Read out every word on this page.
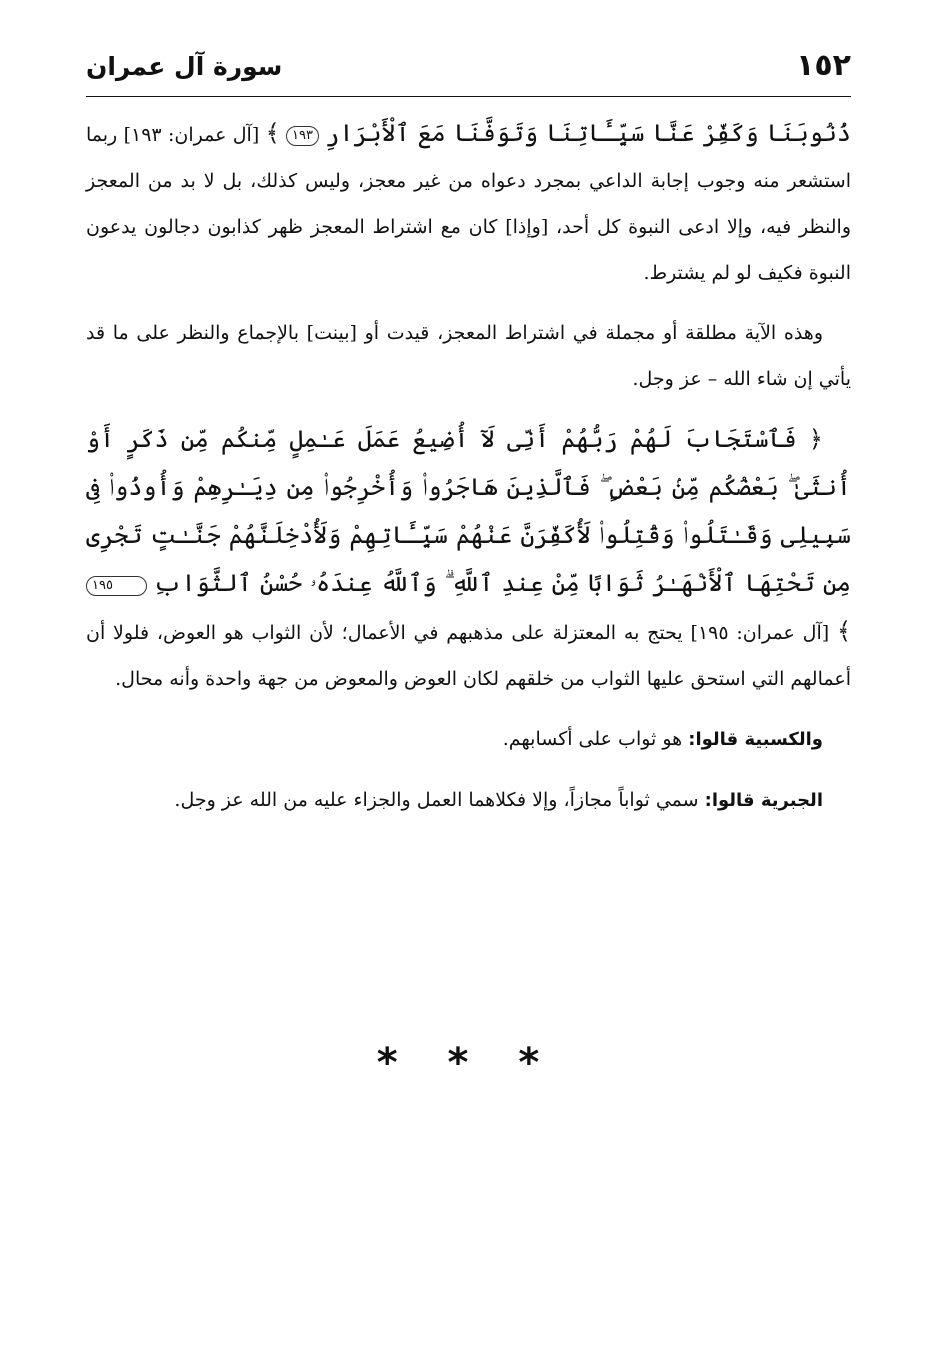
١٥٢
سورة آل عمران

ذُنُوبَنَا وَكَفِّرْ عَنَّا سَيِّـَٔاتِنَا وَتَوَفَّنَا مَعَ ٱلْأَبْرَارِ ١٩٣ ﴾ [آل عمران: ١٩٣] ربما استشعر منه وجوب إجابة الداعي بمجرد دعواه من غير معجز، وليس كذلك، بل لا بد من المعجز والنظر فيه، وإلا ادعى النبوة كل أحد، [وإذا] كان مع اشتراط المعجز ظهر كذابون دجالون يدعون النبوة فكيف لو لم يشترط.

وهذه الآية مطلقة أو مجملة في اشتراط المعجز، قيدت أو [بينت] بالإجماع والنظر على ما قد يأتي إن شاء الله – عز وجل.

﴿ فَٱسْتَجَابَ لَهُمْ رَبُّهُمْ أَنِّى لَآ أُضِيعُ عَمَلَ عَـٰمِلٍ مِّنكُم مِّن ذَكَرٍ أَوْ أُنثَىٰ ۖ بَعْضُكُم مِّنۢ بَعْضٍ ۖ فَٱلَّذِينَ هَاجَرُوا۟ وَأُخْرِجُوا۟ مِن دِيَـٰرِهِمْ وَأُوذُوا۟ فِى سَبِيلِى وَقَـٰتَلُوا۟ وَقُتِلُوا۟ لَأُكَفِّرَنَّ عَنْهُمْ سَيِّـَٔاتِهِمْ وَلَأُدْخِلَنَّهُمْ جَنَّـٰتٍ تَجْرِى مِن تَحْتِهَا ٱلْأَنْهَـٰرُ ثَوَابًا مِّنْ عِندِ ٱللَّهِ ۗ وَٱللَّهُ عِندَهُۥ حُسْنُ ٱلثَّوَابِ ١٩٥ ﴾ [آل عمران: ١٩٥] يحتج به المعتزلة على مذهبهم في الأعمال؛ لأن الثواب هو العوض، فلولا أن أعمالهم التي استحق عليها الثواب من خلقهم لكان العوض والمعوض من جهة واحدة وأنه محال.

والكسبية قالوا: هو ثواب على أكسابهم.

الجبرية قالوا: سمي ثواباً مجازاً، وإلا فكلاهما العمل والجزاء عليه من الله عز وجل.

* * *
